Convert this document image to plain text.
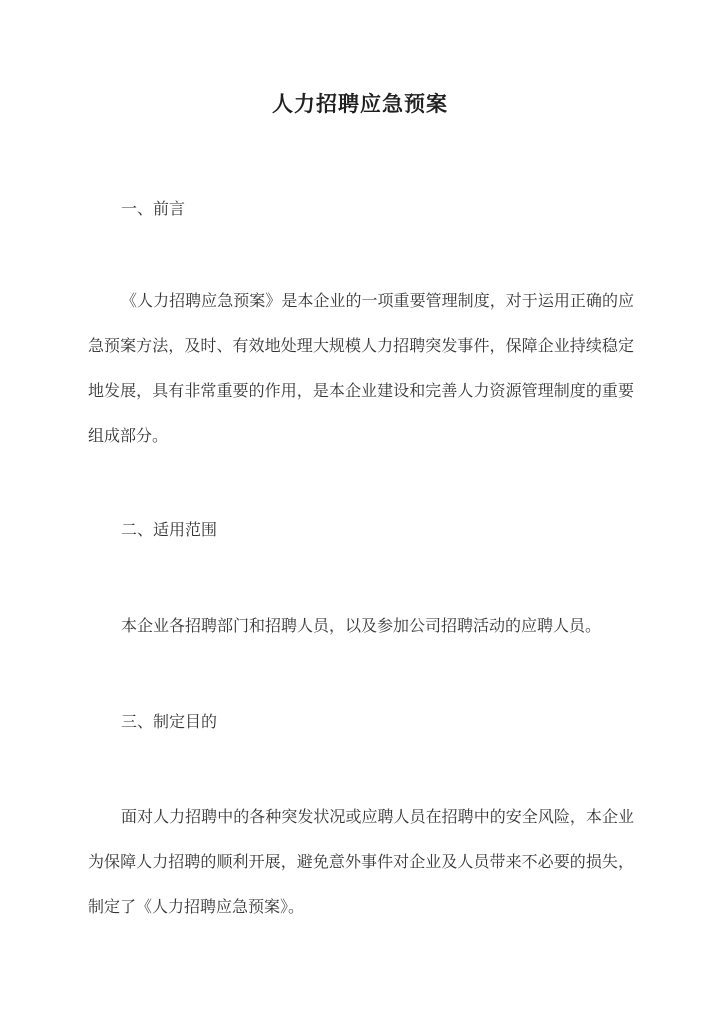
人力招聘应急预案
一、前言
《人力招聘应急预案》是本企业的一项重要管理制度，对于运用正确的应急预案方法，及时、有效地处理大规模人力招聘突发事件，保障企业持续稳定地发展，具有非常重要的作用，是本企业建设和完善人力资源管理制度的重要组成部分。
二、适用范围
本企业各招聘部门和招聘人员，以及参加公司招聘活动的应聘人员。
三、制定目的
面对人力招聘中的各种突发状况或应聘人员在招聘中的安全风险，本企业为保障人力招聘的顺利开展，避免意外事件对企业及人员带来不必要的损失，制定了《人力招聘应急预案》。
